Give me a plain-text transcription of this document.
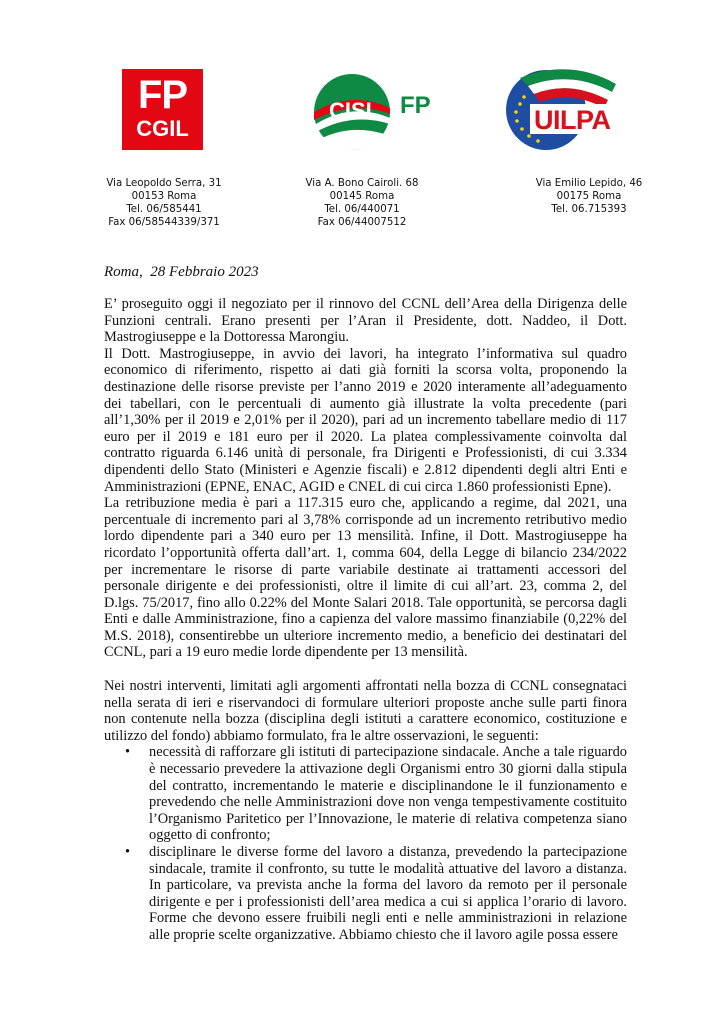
FP
CGIL
CISL FP	UILPA
Via Leopoldo Serra, 31
00153 Roma
Tel. 06/585441
Fax 06/58544339/371
Via A. Bono Cairoli. 68
00145 Roma
Tel. 06/440071
Fax 06/44007512
Via Emilio Lepido, 46
00175 Roma
Tel. 06.715393
Roma,  28 Febbraio 2023

E’ proseguito oggi il negoziato per il rinnovo del CCNL dell’Area della Dirigenza delle Funzioni centrali. Erano presenti per l’Aran il Presidente, dott. Naddeo, il Dott. Mastrogiuseppe e la Dottoressa Marongiu.

Il Dott. Mastrogiuseppe, in avvio dei lavori, ha integrato l’informativa sul quadro economico di riferimento, rispetto ai dati già forniti la scorsa volta, proponendo la destinazione delle risorse previste per l’anno 2019 e 2020 interamente all’adeguamento dei tabellari, con le percentuali di aumento già illustrate la volta precedente (pari all’1,30% per il 2019 e 2,01% per il 2020), pari ad un incremento tabellare medio di 117 euro per il 2019 e 181 euro per il 2020. La platea complessivamente coinvolta dal contratto riguarda 6.146 unità di personale, fra Dirigenti e Professionisti, di cui 3.334 dipendenti dello Stato (Ministeri e Agenzie fiscali) e 2.812 dipendenti degli altri Enti e Amministrazioni (EPNE, ENAC, AGID e CNEL di cui circa 1.860 professionisti Epne).

La retribuzione media è pari a 117.315 euro che, applicando a regime, dal 2021, una percentuale di incremento pari al 3,78% corrisponde ad un incremento retributivo medio lordo dipendente pari a 340 euro per 13 mensilità. Infine, il Dott. Mastrogiuseppe ha ricordato l’opportunità offerta dall’art. 1, comma 604, della Legge di bilancio 234/2022 per incrementare le risorse di parte variabile destinate ai trattamenti accessori del personale dirigente e dei professionisti, oltre il limite di cui all’art. 23, comma 2, del D.lgs. 75/2017, fino allo 0.22% del Monte Salari 2018. Tale opportunità, se percorsa dagli Enti e dalle Amministrazione, fino a capienza del valore massimo finanziabile (0,22% del M.S. 2018), consentirebbe un ulteriore incremento medio, a beneficio dei destinatari del CCNL, pari a 19 euro medie lorde dipendente per 13 mensilità.

Nei nostri interventi, limitati agli argomenti affrontati nella bozza di CCNL consegnataci nella serata di ieri e riservandoci di formulare ulteriori proposte anche sulle parti finora non contenute nella bozza (disciplina degli istituti a carattere economico, costituzione e utilizzo del fondo) abbiamo formulato, fra le altre osservazioni, le seguenti:

• necessità di rafforzare gli istituti di partecipazione sindacale. Anche a tale riguardo è necessario prevedere la attivazione degli Organismi entro 30 giorni dalla stipula del contratto, incrementando le materie e disciplinandone le il funzionamento e prevedendo che nelle Amministrazioni dove non venga tempestivamente costituito l’Organismo Paritetico per l’Innovazione, le materie di relativa competenza siano oggetto di confronto;
• disciplinare le diverse forme del lavoro a distanza, prevedendo la partecipazione sindacale, tramite il confronto, su tutte le modalità attuative del lavoro a distanza. In particolare, va prevista anche la forma del lavoro da remoto per il personale dirigente e per i professionisti dell’area medica a cui si applica l’orario di lavoro. Forme che devono essere fruibili negli enti e nelle amministrazioni in relazione alle proprie scelte organizzative. Abbiamo chiesto che il lavoro agile possa essere
